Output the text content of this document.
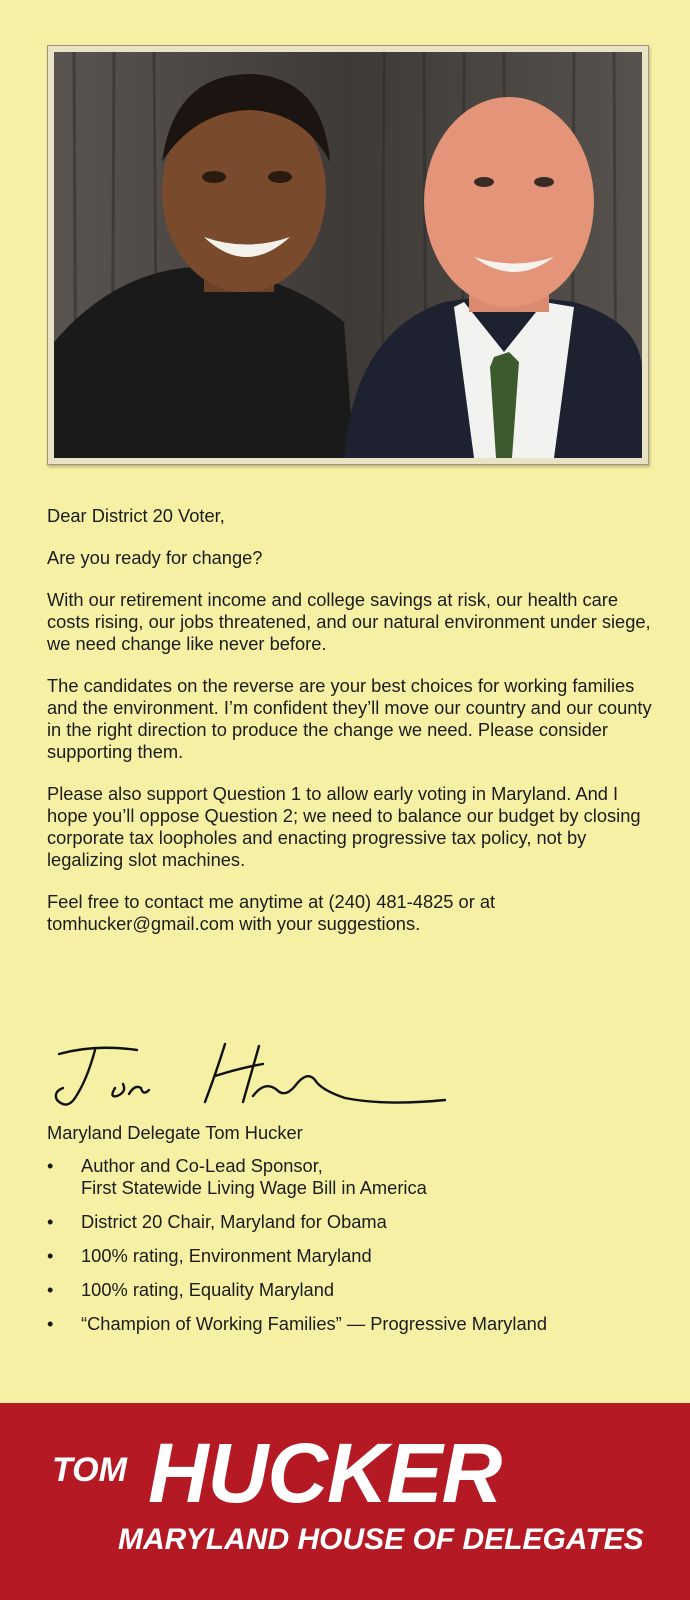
Dear District 20 Voter,

Are you ready for change?

With our retirement income and college savings at risk, our health care costs rising, our jobs threatened, and our natural environment under siege, we need change like never before.

The candidates on the reverse are your best choices for working families and the environment. I’m confident they’ll move our country and our county in the right direction to produce the change we need. Please consider supporting them.

Please also support Question 1 to allow early voting in Maryland. And I hope you’ll oppose Question 2; we need to balance our budget by closing corporate tax loopholes and enacting progressive tax policy, not by legalizing slot machines.

Feel free to contact me anytime at (240) 481-4825 or at tomhucker@gmail.com with your suggestions.

Maryland Delegate Tom Hucker
• Author and Co-Lead Sponsor,
First Statewide Living Wage Bill in America
• District 20 Chair, Maryland for Obama
• 100% rating, Environment Maryland
• 100% rating, Equality Maryland
• “Champion of Working Families” — Progressive Maryland
TOM HUCKER
MARYLAND HOUSE OF DELEGATES
